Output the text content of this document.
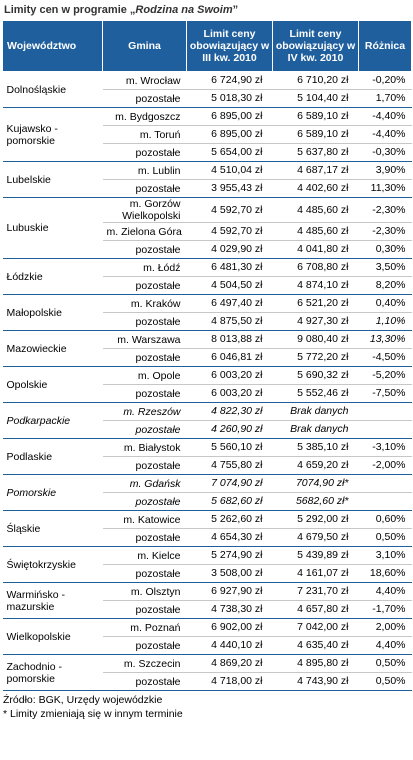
Limity cen w programie „Rodzina na Swoim”
Województwo	Gmina	Limit ceny obowiązujący w III kw. 2010	Limit ceny obowiązujący w IV kw. 2010	Różnica
Dolnośląskie	m. Wrocław	6 724,90 zł	6 710,20 zł	-0,20%
	pozostałe	5 018,30 zł	5 104,40 zł	1,70%
Kujawsko - pomorskie	m. Bydgoszcz	6 895,00 zł	6 589,10 zł	-4,40%
	m. Toruń	6 895,00 zł	6 589,10 zł	-4,40%
	pozostałe	5 654,00 zł	5 637,80 zł	-0,30%
Lubelskie	m. Lublin	4 510,04 zł	4 687,17 zł	3,90%
	pozostałe	3 955,43 zł	4 402,60 zł	11,30%
Lubuskie	m. Gorzów Wielkopolski	4 592,70 zł	4 485,60 zł	-2,30%
	m. Zielona Góra	4 592,70 zł	4 485,60 zł	-2,30%
	pozostałe	4 029,90 zł	4 041,80 zł	0,30%
Łódzkie	m. Łódź	6 481,30 zł	6 708,80 zł	3,50%
	pozostałe	4 504,50 zł	4 874,10 zł	8,20%
Małopolskie	m. Kraków	6 497,40 zł	6 521,20 zł	0,40%
	pozostałe	4 875,50 zł	4 927,30 zł	1,10%
Mazowieckie	m. Warszawa	8 013,88 zł	9 080,40 zł	13,30%
	pozostałe	6 046,81 zł	5 772,20 zł	-4,50%
Opolskie	m. Opole	6 003,20 zł	5 690,32 zł	-5,20%
	pozostałe	6 003,20 zł	5 552,46 zł	-7,50%
Podkarpackie	m. Rzeszów	4 822,30 zł	Brak danych	
	pozostałe	4 260,90 zł	Brak danych	
Podlaskie	m. Białystok	5 560,10 zł	5 385,10 zł	-3,10%
	pozostałe	4 755,80 zł	4 659,20 zł	-2,00%
Pomorskie	m. Gdańsk	7 074,90 zł	7074,90 zł*	
	pozostałe	5 682,60 zł	5682,60 zł*	
Śląskie	m. Katowice	5 262,60 zł	5 292,00 zł	0,60%
	pozostałe	4 654,30 zł	4 679,50 zł	0,50%
Świętokrzyskie	m. Kielce	5 274,90 zł	5 439,89 zł	3,10%
	pozostałe	3 508,00 zł	4 161,07 zł	18,60%
Warmińsko - mazurskie	m. Olsztyn	6 927,90 zł	7 231,70 zł	4,40%
	pozostałe	4 738,30 zł	4 657,80 zł	-1,70%
Wielkopolskie	m. Poznań	6 902,00 zł	7 042,00 zł	2,00%
	pozostałe	4 440,10 zł	4 635,40 zł	4,40%
Zachodnio - pomorskie	m. Szczecin	4 869,20 zł	4 895,80 zł	0,50%
	pozostałe	4 718,00 zł	4 743,90 zł	0,50%
Źródło: BGK, Urzędy wojewódzkie
* Limity zmieniają się w innym terminie
